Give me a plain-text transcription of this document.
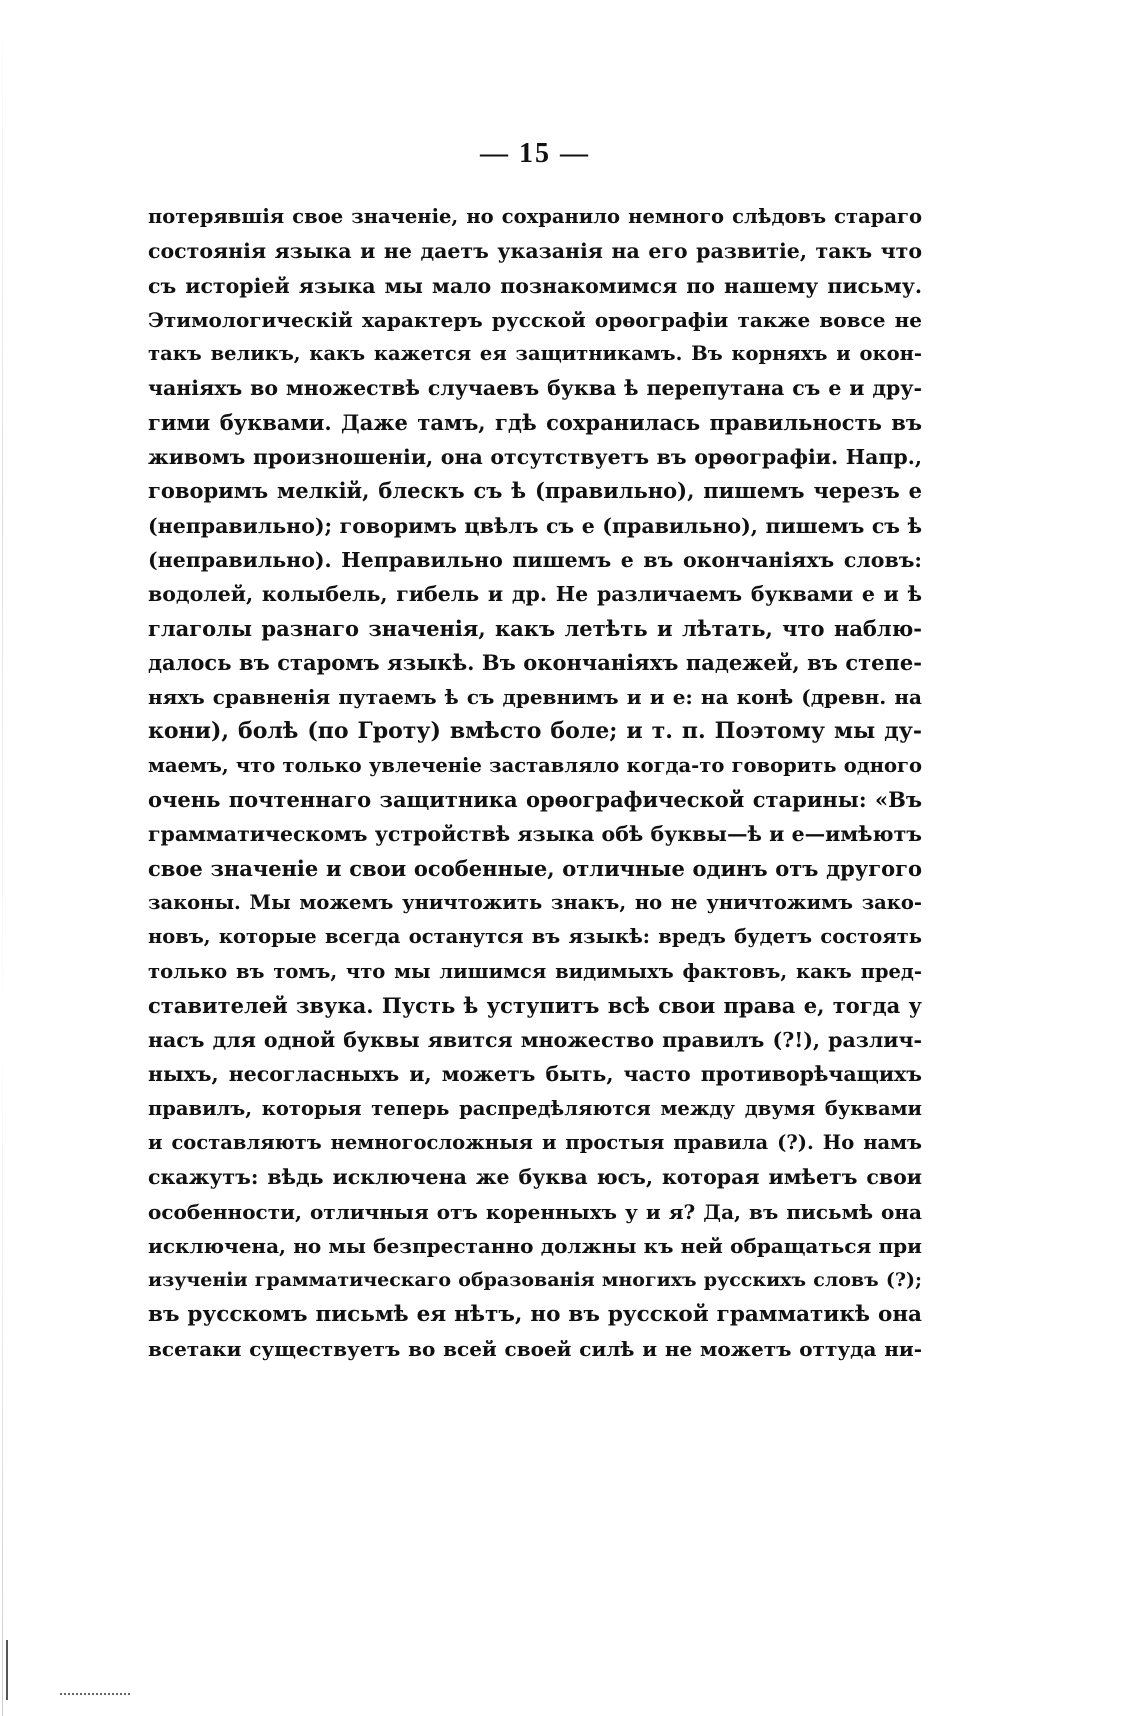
— 15 —
потерявшія свое значеніе, но сохранило немного слѣдовъ стараго
состоянія языка и не даетъ указанія на его развитіе, такъ что
съ исторіей языка мы мало познакомимся по нашему письму.
Этимологическій характеръ русской орѳографіи также вовсе не
такъ великъ, какъ кажется ея защитникамъ. Въ корняхъ и окон-
чаніяхъ во множествѣ случаевъ буква ѣ перепутана съ е и дру-
гими буквами. Даже тамъ, гдѣ сохранилась правильность въ
живомъ произношеніи, она отсутствуетъ въ орѳографіи. Напр.,
говоримъ мелкій, блескъ съ ѣ (правильно), пишемъ черезъ е
(неправильно); говоримъ цвѣлъ съ е (правильно), пишемъ съ ѣ
(неправильно). Неправильно пишемъ е въ окончаніяхъ словъ:
водолей, колыбель, гибель и др. Не различаемъ буквами е и ѣ
глаголы разнаго значенія, какъ летѣть и лѣтать, что наблю-
далось въ старомъ языкѣ. Въ окончаніяхъ падежей, въ степе-
няхъ сравненія путаемъ ѣ съ древнимъ и и е: на конѣ (древн. на
кони), болѣ (по Гроту) вмѣсто боле; и т. п. Поэтому мы ду-
маемъ, что только увлеченіе заставляло когда-то говорить одного
очень почтеннаго защитника орѳографической старины: «Въ
грамматическомъ устройствѣ языка обѣ буквы—ѣ и е—имѣютъ
свое значеніе и свои особенные, отличные одинъ отъ другого
законы. Мы можемъ уничтожить знакъ, но не уничтожимъ зако-
новъ, которые всегда останутся въ языкѣ: вредъ будетъ состоять
только въ томъ, что мы лишимся видимыхъ фактовъ, какъ пред-
ставителей звука. Пусть ѣ уступитъ всѣ свои права е, тогда у
насъ для одной буквы явится множество правилъ (?!), различ-
ныхъ, несогласныхъ и, можетъ быть, часто противорѣчащихъ
правилъ, которыя теперь распредѣляются между двумя буквами
и составляютъ немногосложныя и простыя правила (?). Но намъ
скажутъ: вѣдь исключена же буква юсъ, которая имѣетъ свои
особенности, отличныя отъ коренныхъ у и я? Да, въ письмѣ она
исключена, но мы безпрестанно должны къ ней обращаться при
изученіи грамматическаго образованія многихъ русскихъ словъ (?);
въ русскомъ письмѣ ея нѣтъ, но въ русской грамматикѣ она
всетаки существуетъ во всей своей силѣ и не можетъ оттуда ни-
